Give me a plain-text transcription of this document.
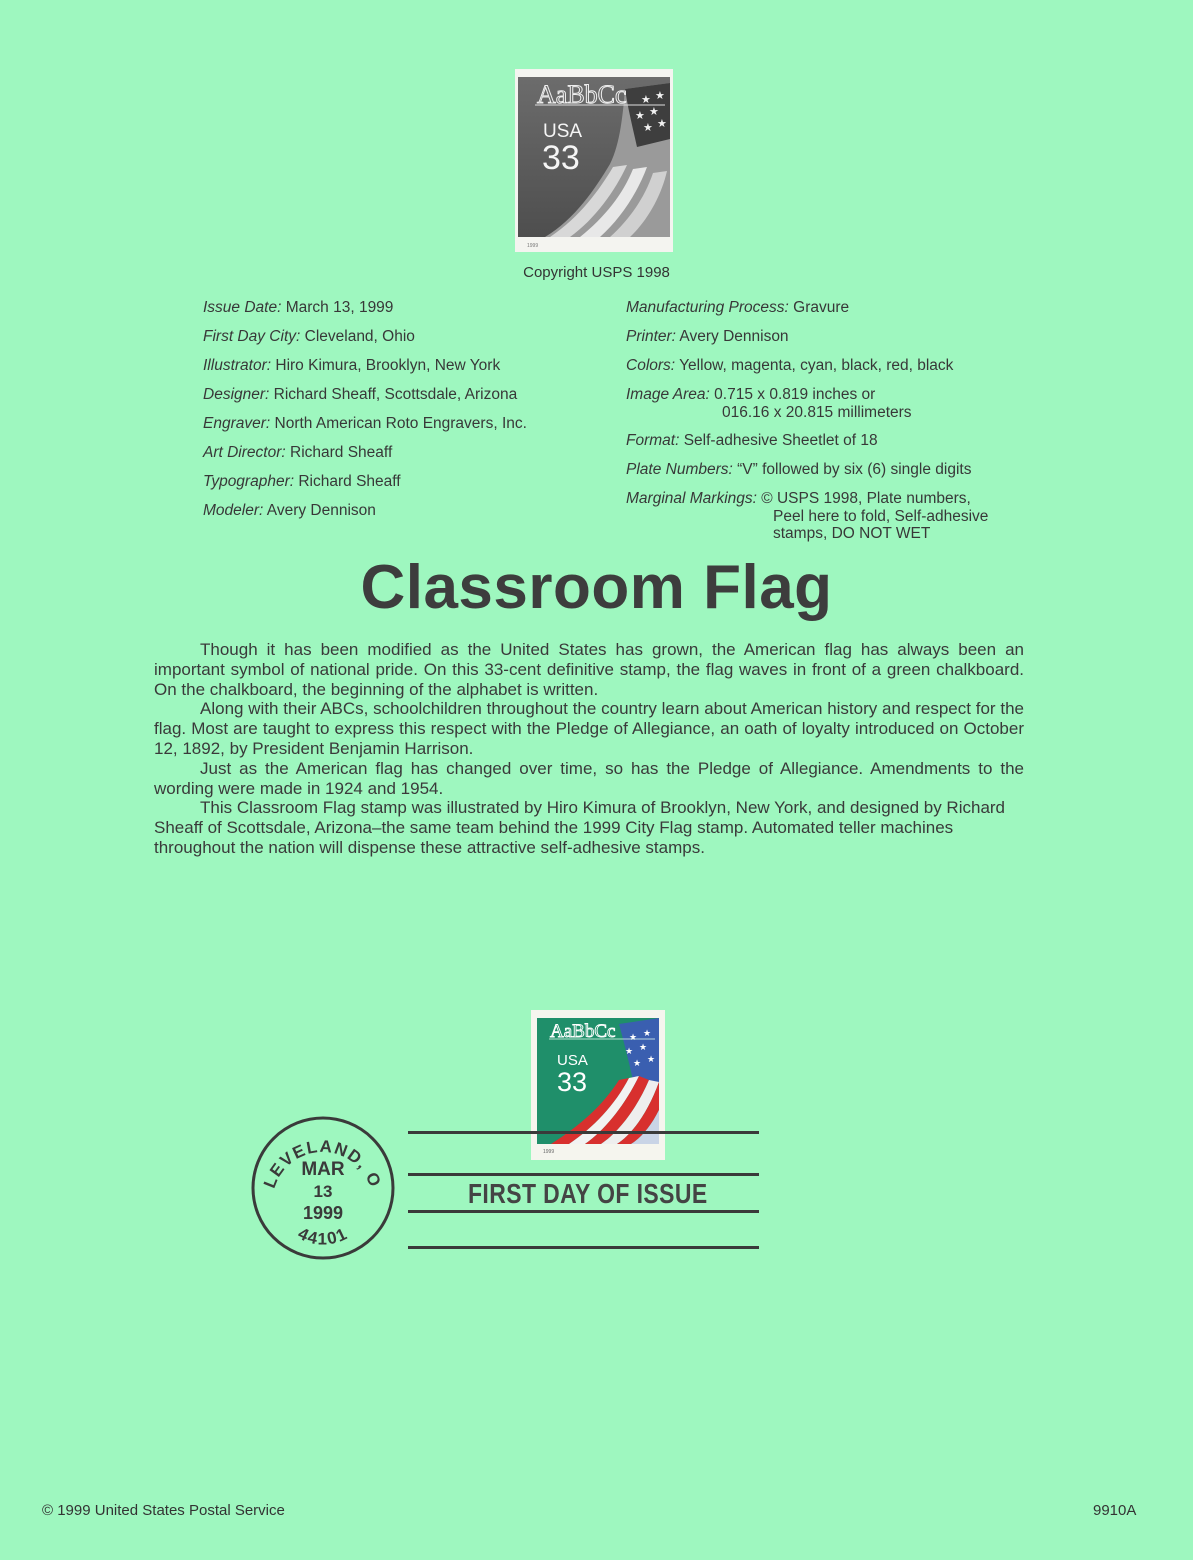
★ ★
★ ★
★ ★
AaBbCc
USA
33
1999
Copyright USPS 1998
Issue Date: March 13, 1999
First Day City: Cleveland, Ohio
Illustrator: Hiro Kimura, Brooklyn, New York
Designer: Richard Sheaff, Scottsdale, Arizona
Engraver: North American Roto Engravers, Inc.
Art Director: Richard Sheaff
Typographer: Richard Sheaff
Modeler: Avery Dennison
Manufacturing Process: Gravure
Printer: Avery Dennison
Colors: Yellow, magenta, cyan, black, red, black
Image Area: 0.715 x 0.819 inches or
016.16 x 20.815 millimeters
Format: Self-adhesive Sheetlet of 18
Plate Numbers: “V” followed by six (6) single digits
Marginal Markings: © USPS 1998, Plate numbers,
Peel here to fold, Self-adhesive
stamps, DO NOT WET
Classroom Flag

Though it has been modified as the United States has grown, the American flag has always been an important symbol of national pride. On this 33-cent definitive stamp, the flag waves in front of a green chalkboard. On the chalkboard, the beginning of the alphabet is written.

Along with their ABCs, schoolchildren throughout the country learn about American history and respect for the flag. Most are taught to express this respect with the Pledge of Allegiance, an oath of loyalty introduced on October 12, 1892, by President Benjamin Harrison.

Just as the American flag has changed over time, so has the Pledge of Allegiance. Amendments to the wording were made in 1924 and 1954.

This Classroom Flag stamp was illustrated by Hiro Kimura of Brooklyn, New York, and designed by Richard Sheaff of Scottsdale, Arizona–the same team behind the 1999 City Flag stamp. Automated teller machines throughout the nation will dispense these attractive self-adhesive stamps.

★ ★
★ ★
★ ★
AaBbCc
USA
33
1999
FIRST DAY OF ISSUE
LEVELAND, O
44101
MAR
13
1999
© 1999 United States Postal Service	9910A
